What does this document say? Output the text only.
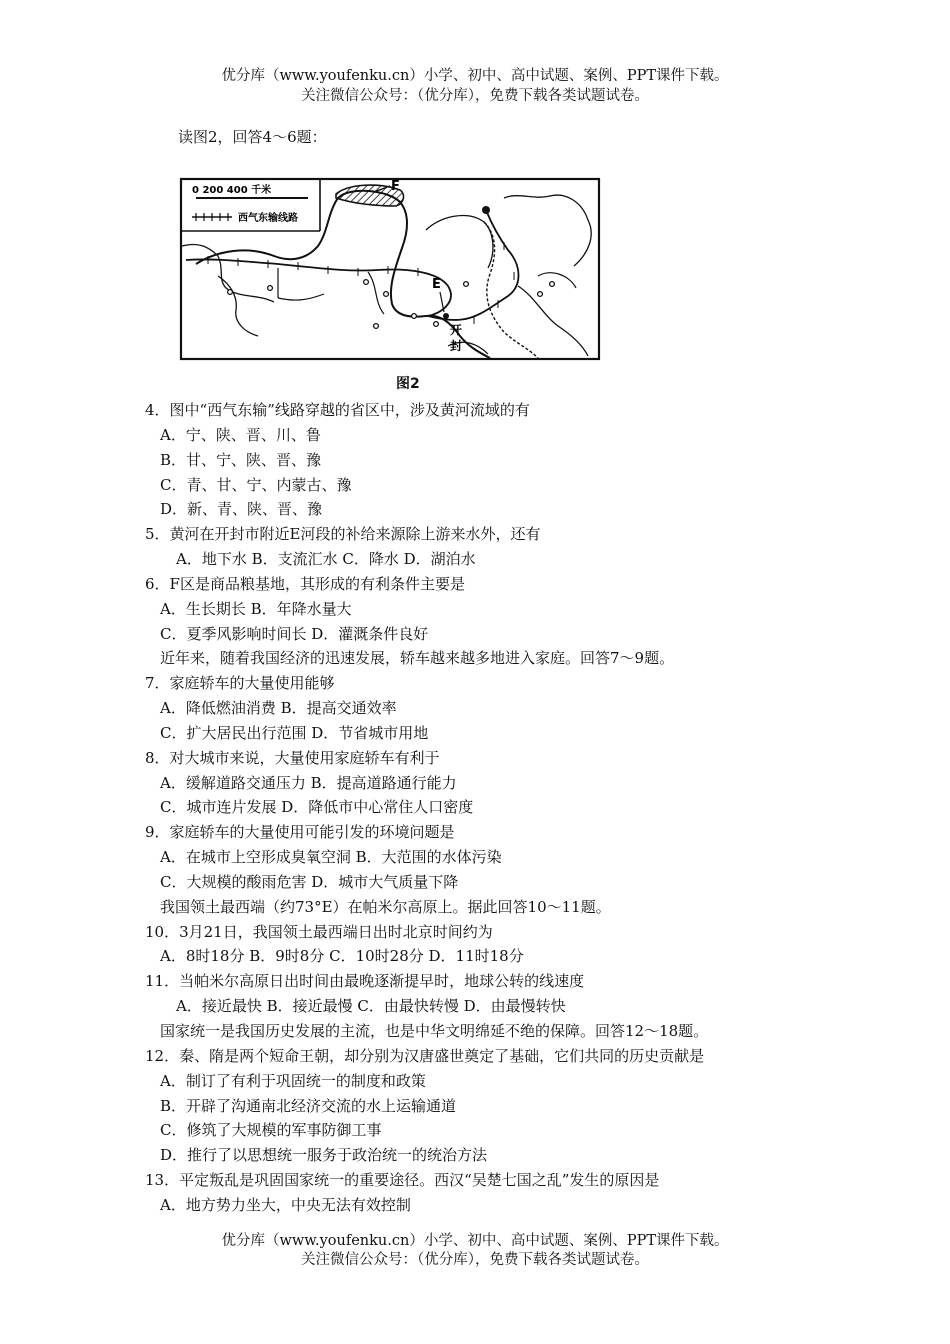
优分库（www.youfenku.cn）小学、初中、高中试题、案例、PPT课件下载。
关注微信公众号：（优分库），免费下载各类试题试卷。
读图2，回答4～6题：
0 200 400 千米
西气东输线路
F
E
开
封
图2
4．图中“西气东输”线路穿越的省区中，涉及黄河流域的有
A．宁、陕、晋、川、鲁
B．甘、宁、陕、晋、豫
C．青、甘、宁、内蒙古、豫
D．新、青、陕、晋、豫
5．黄河在开封市附近E河段的补给来源除上游来水外，还有
A．地下水 B．支流汇水 C．降水 D．湖泊水
6．F区是商品粮基地，其形成的有利条件主要是
A．生长期长 B．年降水量大
C．夏季风影响时间长 D．灌溉条件良好
近年来，随着我国经济的迅速发展，轿车越来越多地进入家庭。回答7～9题。
7．家庭轿车的大量使用能够
A．降低燃油消费 B．提高交通效率
C．扩大居民出行范围 D．节省城市用地
8．对大城市来说，大量使用家庭轿车有利于
A．缓解道路交通压力 B．提高道路通行能力
C．城市连片发展 D．降低市中心常住人口密度
9．家庭轿车的大量使用可能引发的环境问题是
A．在城市上空形成臭氧空洞 B．大范围的水体污染
C．大规模的酸雨危害 D．城市大气质量下降
我国领土最西端（约73°E）在帕米尔高原上。据此回答10～11题。
10．3月21日，我国领土最西端日出时北京时间约为
A．8时18分 B．9时8分 C．10时28分 D．11时18分
11．当帕米尔高原日出时间由最晚逐渐提早时，地球公转的线速度
A．接近最快 B．接近最慢 C．由最快转慢 D．由最慢转快
国家统一是我国历史发展的主流，也是中华文明绵延不绝的保障。回答12～18题。
12．秦、隋是两个短命王朝，却分别为汉唐盛世奠定了基础，它们共同的历史贡献是
A．制订了有利于巩固统一的制度和政策
B．开辟了沟通南北经济交流的水上运输通道
C．修筑了大规模的军事防御工事
D．推行了以思想统一服务于政治统一的统治方法
13．平定叛乱是巩固国家统一的重要途径。西汉“吴楚七国之乱”发生的原因是
A．地方势力坐大，中央无法有效控制
优分库（www.youfenku.cn）小学、初中、高中试题、案例、PPT课件下载。
关注微信公众号：（优分库），免费下载各类试题试卷。
